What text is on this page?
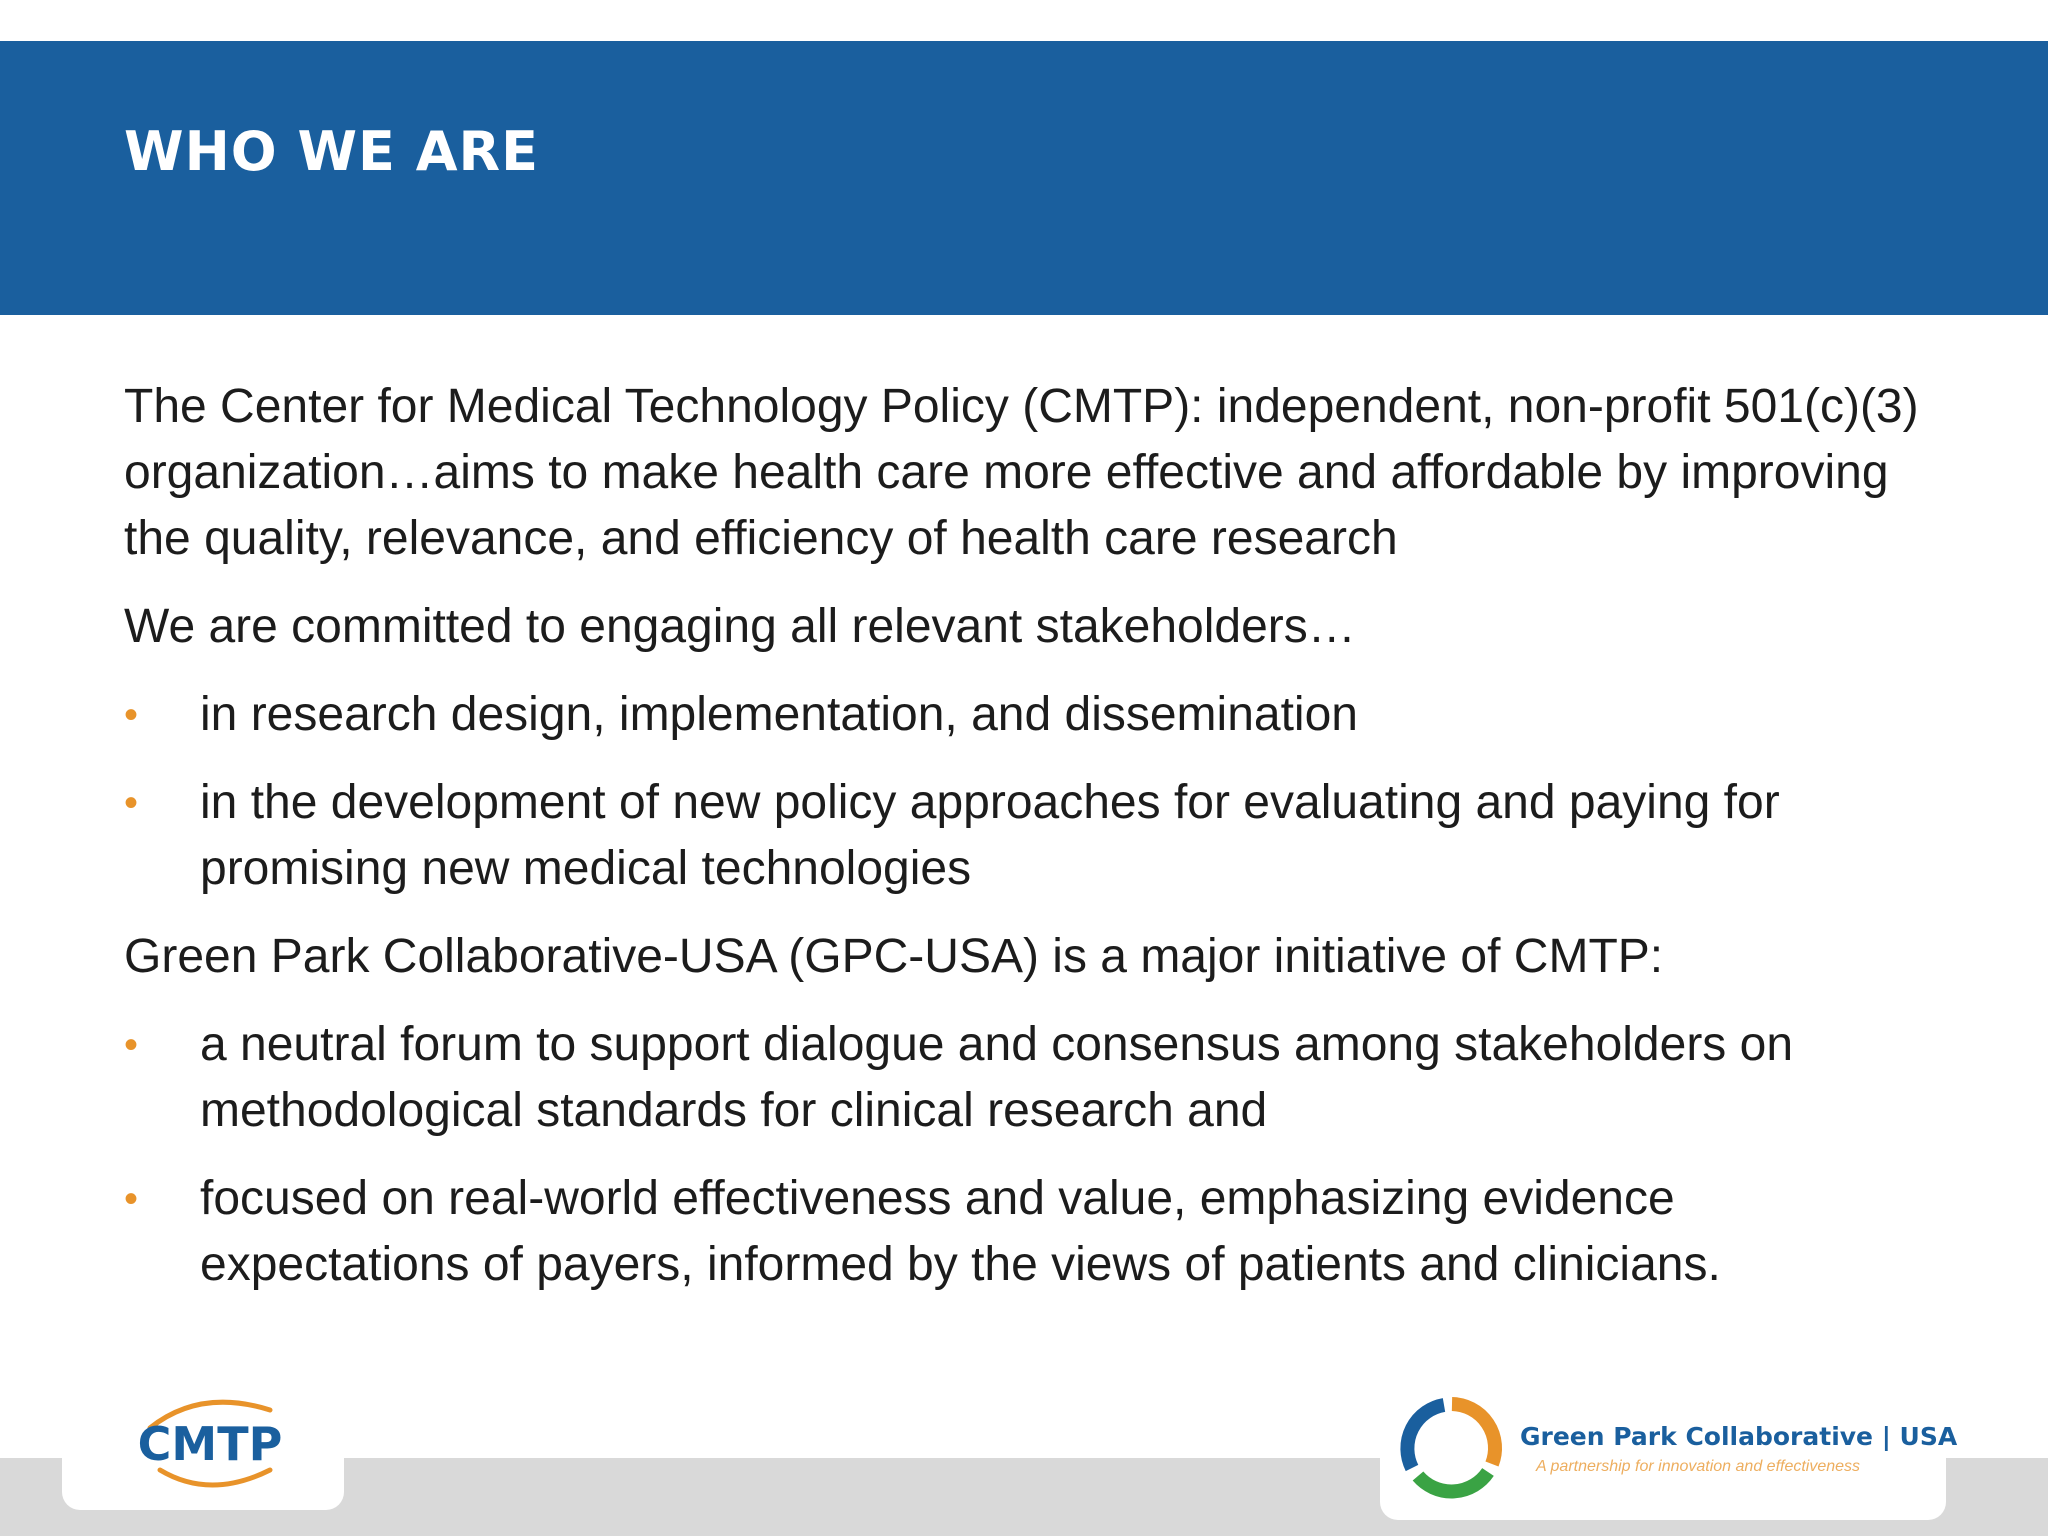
WHO WE ARE

The Center for Medical Technology Policy (CMTP): independent, non-profit 501(c)(3) organization…aims to make health care more effective and affordable by improving the quality, relevance, and efficiency of health care research

We are committed to engaging all relevant stakeholders…

• in research design, implementation, and dissemination
• in the development of new policy approaches for evaluating and paying for promising new medical technologies

Green Park Collaborative-USA (GPC-USA) is a major initiative of CMTP:

• a neutral forum to support dialogue and consensus among stakeholders on methodological standards for clinical research and
• focused on real-world effectiveness and value, emphasizing evidence expectations of payers, informed by the views of patients and clinicians.
CMTP	Green Park Collaborative | USA
A partnership for innovation and effectiveness
